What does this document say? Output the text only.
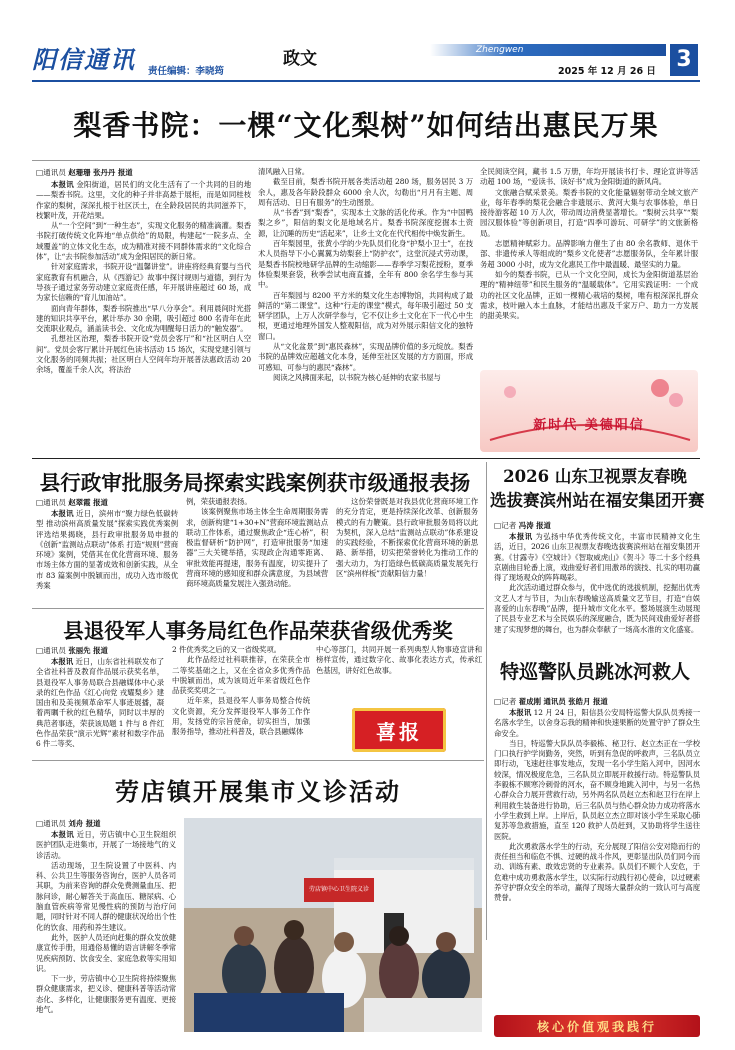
阳信通讯	政文
责任编辑：李晓筠
Zhengwen
2025 年 12 月 26 日 3
梨香书院：一棵“文化梨树”如何结出惠民万果
□通讯员 赵珊珊 张丹丹 报道

本报讯 金阳街道，居民们的文化生活有了一个共同的目的地——梨香书院。这里，文化的种子并非高悬于展柜，而是如同桂枝作家的梨树，深深扎根于社区沃土，在全龄段居民的共同滋养下，枝繁叶茂，开花结果。

从“一个空间”到“一种生态”，实现文化服务的精准滴灌。梨香书院打破传统文化阵地“单点供给”的局限，构建起“一院多点、全域覆盖”的立体文化生态，成为精准对接不同群体需求的“文化综合体”，让“去书院参加活动”成为金阳居民的新日常。

针对家庭需求，书院开设“温馨讲堂”。讲座将经典育婴与当代家庭教育有机融合，从《西游记》故事中探讨规则与道德，到行为导孩子通过家务劳动建立家庭责任感，年开展讲座超过 60 场，成为家长信赖的“育儿加油站”。

面向青年群体，梨香书院推出“早八分享会”。利用晨间时光搭建的知识共享平台，累计举办 30 余期，吸引超过 800 名青年在此交流职业观点，涵盖读书会、文化成为唱醒每日活力的“触发器”。

孔想社区治理，梨香书院开设“党员会客厅”和“社区明白人空间”。党员会客厅累计开展红色读书活动 15 场次，实现党建引领与文化服务的同频共振；社区明白人空间年均开展普法惠政活动 20 余场，覆盖千余人次，将法治

清风融入日常。

截至目前，梨香书院开展各类活动超 280 场，服务居民 3 万余人，惠及各年龄段群众 6000 余人次，勾勒出“月月有主题、周周有活动、日日有服务”的生动图景。

从“书香”到“梨香”，实现本土文脉的活化传承。作为“中国鸭梨之乡”，阳信的梨文化是地域名片。梨香书院深度挖掘本土资源，让沉睡的历史“活起来”，让乡土文化在代代相传中焕发新生。

百年梨园里，张黄小学的少先队员们化身“护梨小卫士”，在技术人员指导下小心翼翼为幼梨套上“防护衣”，这堂沉浸式劳动课，是梨香书院校地研学品牌的生动缩影——春季学习梨花授粉，夏季体验梨果套袋，秋季尝试电商直播，全年有 800 余名学生参与其中。

百年梨园与 8200 平方米的梨文化生态博物馆，共同构成了最鲜活的“第二课堂”。这种“行走的课堂”模式，每年吸引超过 50 支研学团队，上万人次研学参与，它不仅让乡土文化在下一代心中生根，更通过地理外国发人整观阳信，成为对外展示阳信文化的独特窗口。

从“文化盆景”到“惠民森林”，实现品牌价值的多元绽放。梨香书院的品牌效应超越文化本身，延伸至社区发展的方方面面，形成可感知、可参与的惠民“森林”。

阅读之风拂面来起，以书院为核心延伸的农家书屋与

全民阅读空间，藏书 1.5 万册，年均开展读书打卡、理论宣讲等活动超 100 场，“爱读书、读好书”成为金阳街道的新风尚。

文旅融合赋采景美。梨香书院的文化能量辐射带动全域文旅产业，每年春季的梨花会融合非遗展示、黄河大集与农事体验，单日接待游客超 10 万人次，带动周边消费显著增长。“梨树云共享”“梨园汉服体验”等创新项目，打造“四季可游玩、可研学”的文旅新格局。

志愿精神赋彩力。品牌影响力催生了由 80 余名教师、退休干部、非遗传承人等组成的“梨乡文化使者”志愿服务队，全年累计服务超 3000 小时，成为文化惠民工作中最温暖、最坚实的力量。

如今的梨香书院，已从一个文化空间，成长为金阳街道基层治理的“精神纽带”和民生服务的“温暖载体”。它用实践证明：一个成功的社区文化品牌，正如一棵精心栽培的梨树，唯有根深深扎群众需求，枝叶融入本土血脉，才能结出惠及千家万户、助力一方发展的甜美果实。

新时代 美德阳信
县行政审批服务局探索实践案例获市级通报表扬
□通讯员 赵翠霞 报道

本报讯 近日，滨州市“聚力绿色低碳转型 推动滨州高质量发展”探索实践优秀案例评选结果揭晓，县行政审批服务局申报的《创新“监测站点联动”体系 打造“规则”营商环境》案例，凭借其在优化营商环境、服务市场主体方面的显著成效和创新实践，从全市 83 篇案例中脱颖而出，成功入选市级优秀案

例，荣获通报表扬。

该案例聚焦市场主体全生命周期服务需求，创新构建“1+30+N”营商环境监测站点联动工作体系，通过聚焦政企“连心桥”，积极监督研析“防护网”，打造审批服务“加速器”三大关键举措，实现政企沟通零距离、审批效能再提速，服务有温度，切实提升了营商环境的感知度和群众满意度，为县域营商环境高质量发展注入强劲动能。

这份荣誉既是对我县优化营商环境工作的充分肯定，更是持续深化改革、创新服务模式的有力鞭策。县行政审批服务局将以此为契机，深入总结“监测站点联动”体系建设的实践经验，不断探索优化营商环境的新思路、新举措，切实把荣誉转化为推动工作的强大动力，为打造绿色低碳高质量发展先行区“滨州样板”贡献阳信力量！

2026 山东卫视票友春晚
选拔赛滨州站在福安集团开赛
□记者 冯涛 报道

本报讯 为弘扬中华优秀传统文化，丰富市民精神文化生活，近日，2026 山东卫视票友春晚选拔赛滨州站在福安集团开赛。《甘露寺》《空城计》《智取威虎山》《贺斗》等二十多个经典京剧曲目轮番上演，戏曲爱好者们用激昂的演技、扎实的唱功赢得了现场观众的阵阵喝彩。

此次活动通过群众参与，优中选优的选拔机制，挖掘出优秀文艺人才与节目，为山东春晚输送高质量文艺节目，打造“自娱喜爱的山东春晚”品牌，提升城市文化水平。整场展演生动展现了民县专业艺术与全民娱乐的深度融合，既为民间戏曲爱好者搭建了实现梦想的舞台，也为群众奉献了一场高水准的文化盛宴。

县退役军人事务局红色作品荣获省级优秀奖
□通讯员 张丽先 报道

本报讯 近日，山东省社科联发布了全省社科普及教育作品展示获奖名单，县退役军人事务局联合县融媒体中心录录的红色作品《红心向党 戎耀梨乡》建国由和及美视频革命军人事迹展播，凝着两瞩千秋的红色精华，同时以丰厚的典范者事迹，荣获该局题 1 件与 8 件红色作品荣获“演示光辉”素材和数字作品 6 件二等奖、

2 件优秀奖之后的又一省级奖项。

此作品经过社科联推荐，在荣获全市二等奖基础之上，又在全省众多优秀作品中脱颖而出，成为该局近年来省级红色作品获奖奖项之一。

近年来，县退役军人事务局整合传统文化资源，充分发挥退役军人事务工作作用，发扬党的宗旨使命，切实担当，加强服务指导，推动社科普及，联合县融媒体

中心等部门，共同开展一系列典型人物事迹宣讲和榜样宣传，通过数字化、故事化表达方式，传承红色基因，讲好红色故事。

喜报
特巡警队员跳冰河救人
□记者 翟成刚 通讯员 张皓月 报道

本报讯 12 月 24 日，阳信县公安局特巡警大队队员秀接一名落水学生，以舍身忘我的精神和快速果断的处置守护了群众生命安全。

当日，特巡警大队队员李毅栋、秘卫行、赵立杰正在一学校门口执行护学岗勤务，突然，听到有急促的呼救声，三名队员立即行动，飞速赶往事发地点，发现一名小学生陷入河中，因河水较深，情况极度危急，三名队员立即展开救援行动。特巡警队员李毅栋不顾寒冷刺骨的河水，奋不顾身地跳入河中，与另一名热心群众合力展开营救行动，另外两名队员赵立杰和赵卫行在岸上利用救生装备进行协助，后三名队员与热心群众协力成功将落水小学生救到上岸。上岸后，队员赵立杰立即对该小学生采取心肺复苏等急救措施，直至 120 救护人员赶到，又协助将学生送往医院。

此次勇救落水学生的行动，充分展现了阳信公安对隐而行的责任担当和临危不惧、过硬的战斗作风，更彰显出队员们同今而动、训练有素、敢效忠贤的专业素养。队员们不顾个人安危，于危难中成功勇救落水学生，以实际行动践行初心使命，以过硬素养守护群众安全的举动，赢得了现场大量群众的一致认可与高度赞誉。

核心价值观我践行
劳店镇开展集市义诊活动
□通讯员 刘舟 报道

本报讯 近日，劳店镇中心卫生院组织医护团队走进集市，开展了一场接地气的义诊活动。

活动现场，卫生院设置了中医科、内科、公共卫生等服务咨询台，医护人员各司其职，为前来咨询的群众免费测量血压、把脉问诊，耐心解答关于高血压、糖尿病、心脑血管疾病等常见慢性病的预防与治疗问题，同时针对不同人群的健康状况给出个性化的饮食、用药和养生建议。

此外，医护人员还向赶集的群众发放健康宣传手册，用通俗易懂的语言讲解冬季常见疾病预防、饮食安全、家庭急救等实用知识。

下一步，劳店镇中心卫生院将持续聚焦群众健康需求，把义诊、健康科普等活动常态化、多样化，让健康服务更有温度、更接地气。

劳店镇中心卫生院义诊
